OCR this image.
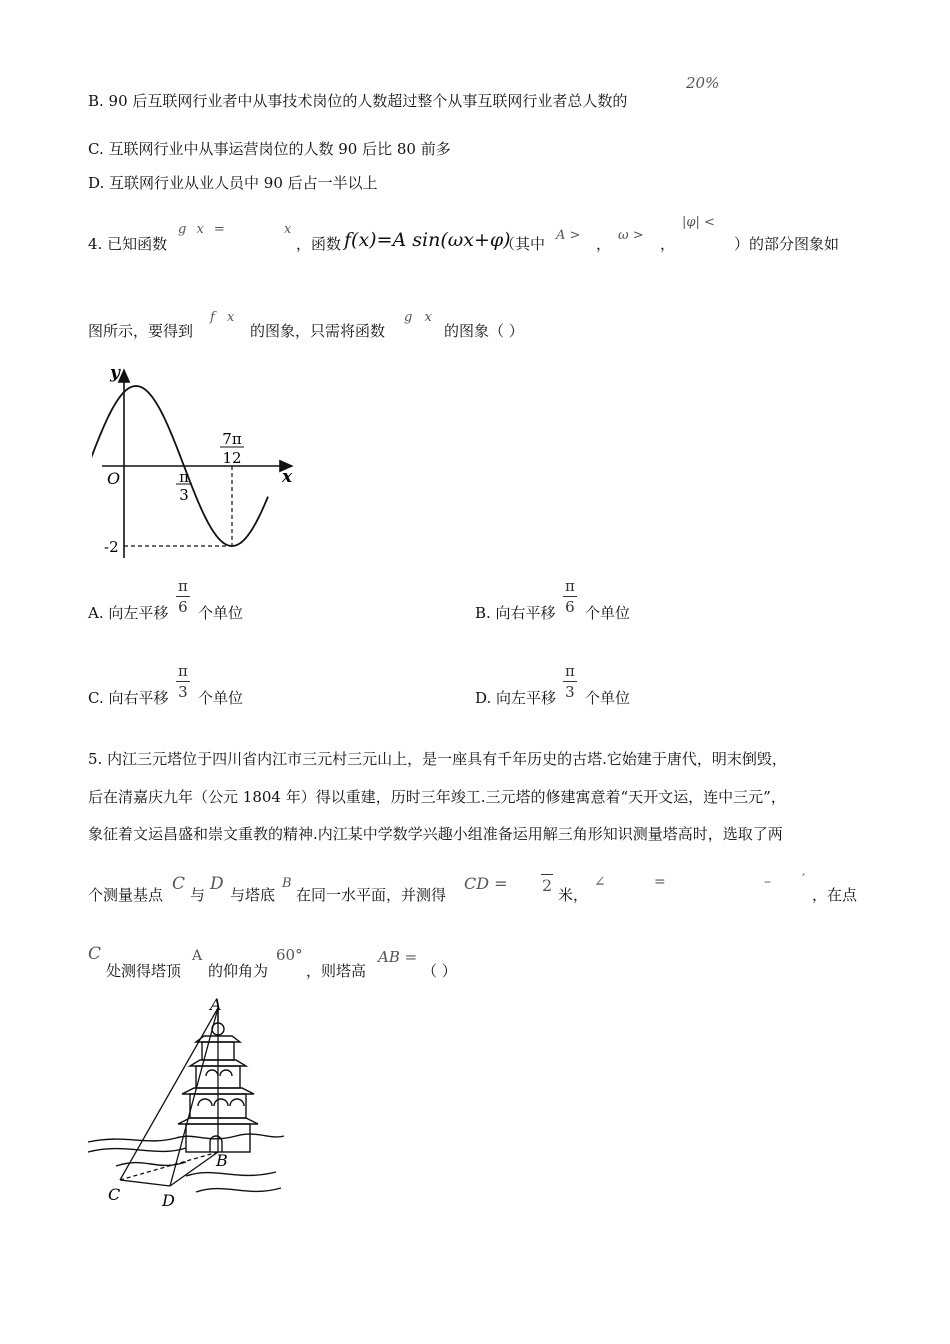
B. 90 后互联网行业者中从事技术岗位的人数超过整个从事互联网行业者总人数的
20%
C. 互联网行业中从事运营岗位的人数 90 后比 80 前多
D. 互联网行业从业人员中 90 后占一半以上
4. 已知函数
g x =	x
，函数 f(x)=A sin(ωx+φ)
（其中 A > ， ω > ，
|φ| <
）的部分图象如
图所示，要得到
f x
的图象，只需将函数
g x
的图象（ ）
y
x
O	π
3
7π
12
-2
A. 向左平移 $\frac{\pi}{6}$ 个单位	B. 向右平移 $\frac{\pi}{6}$ 个单位
C. 向右平移 $\frac{\pi}{3}$ 个单位	D. 向左平移 $\frac{\pi}{3}$ 个单位
5. 内江三元塔位于四川省内江市三元村三元山上，是一座具有千年历史的古塔.它始建于唐代，明末倒毁，
后在清嘉庆九年（公元 1804 年）得以重建，历时三年竣工.三元塔的修建寓意着“天开文运，连中三元”，
象征着文运昌盛和崇文重教的精神.内江某中学数学兴趣小组准备运用解三角形知识测量塔高时，选取了两
个测量基点
C
与
D
与塔底
B
在同一水平面，并测得
CD = 2 米，
∠	=	– ′
，在点
C
处测得塔顶
A
的仰角为
60°
，则塔高
AB =
（ ）
A
B
C	D
